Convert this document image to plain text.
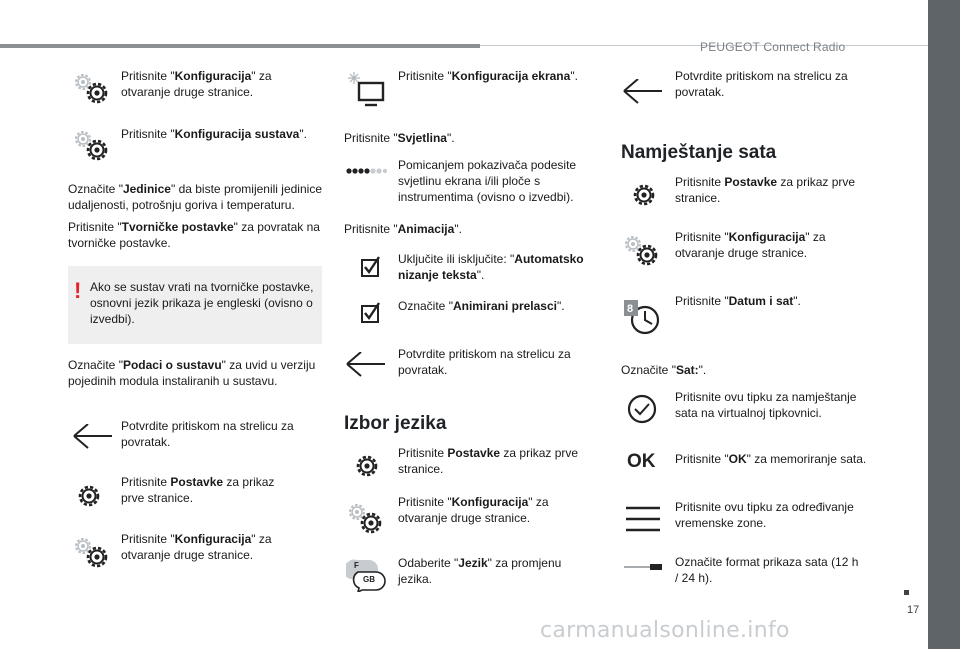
PEUGEOT Connect Radio
Pritisnite "Konfiguracija" za otvaranje druge stranice.
Pritisnite "Konfiguracija sustava".
Označite "Jedinice" da biste promijenili jedinice udaljenosti, potrošnju goriva i temperaturu.
Pritisnite "Tvorničke postavke" za povratak na tvorničke postavke.
! Ako se sustav vrati na tvorničke postavke, osnovni jezik prikaza je engleski (ovisno o izvedbi).
Označite "Podaci o sustavu" za uvid u verziju pojedinih modula instaliranih u sustavu.
Potvrdite pritiskom na strelicu za povratak.
Pritisnite Postavke za prikaz prve stranice.
Pritisnite "Konfiguracija" za otvaranje druge stranice.
Pritisnite "Konfiguracija ekrana".
Pritisnite "Svjetlina".
Pomicanjem pokazivača podesite svjetlinu ekrana i/ili ploče s instrumentima (ovisno o izvedbi).
Pritisnite "Animacija".
Uključite ili isključite: "Automatsko nizanje teksta".
Označite "Animirani prelasci".
Potvrdite pritiskom na strelicu za povratak.
Izbor jezika
Pritisnite Postavke za prikaz prve stranice.
Pritisnite "Konfiguracija" za otvaranje druge stranice.
F
GB
Odaberite "Jezik" za promjenu jezika.
Potvrdite pritiskom na strelicu za povratak.
Namještanje sata
Pritisnite Postavke za prikaz prve stranice.
Pritisnite "Konfiguracija" za otvaranje druge stranice.
8
Pritisnite "Datum i sat".
Označite "Sat:".
Pritisnite ovu tipku za namještanje sata na virtualnoj tipkovnici.
OK Pritisnite "OK" za memoriranje sata.
Pritisnite ovu tipku za određivanje vremenske zone.
Označite format prikaza sata (12 h / 24 h).
17
carmanualsonline.info
